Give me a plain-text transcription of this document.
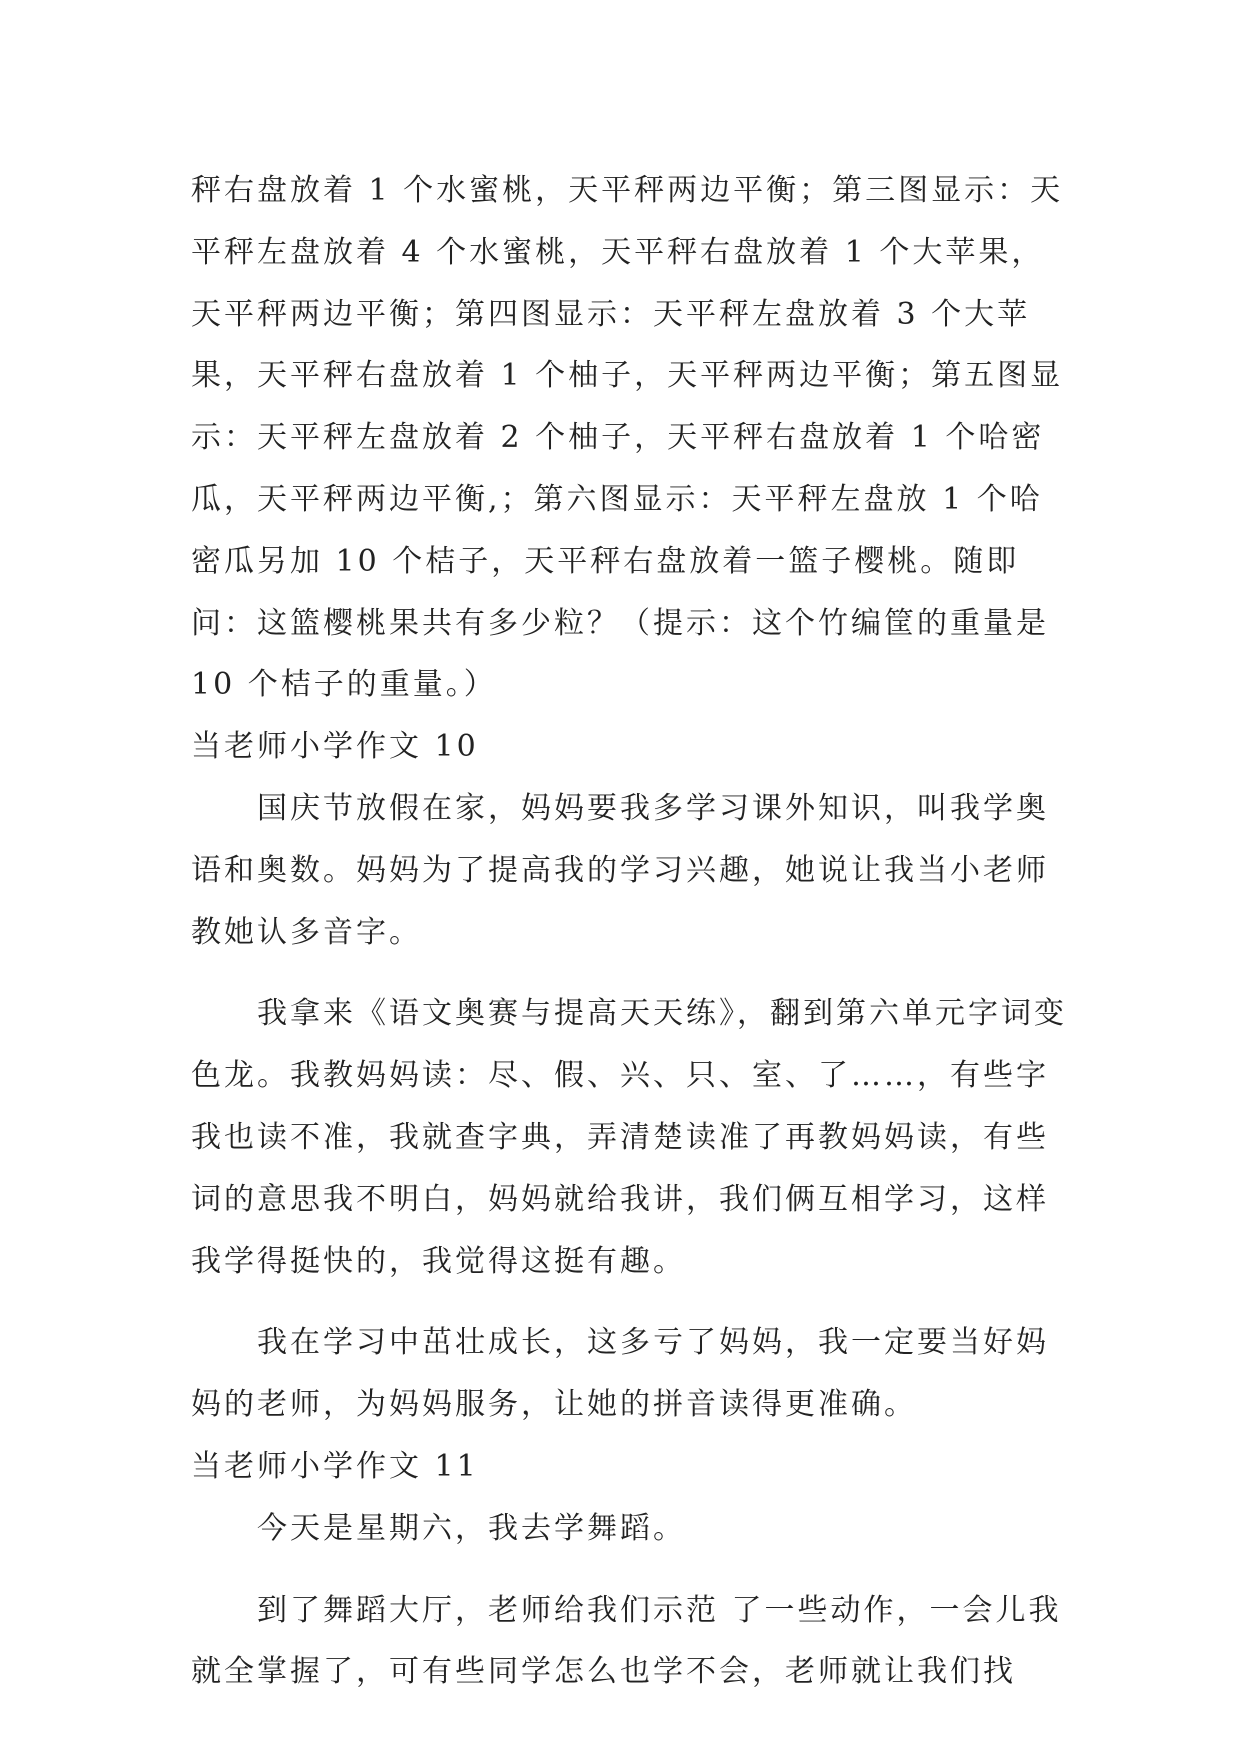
秤右盘放着 1 个水蜜桃，天平秤两边平衡；第三图显示：天平秤左盘放着 4 个水蜜桃，天平秤右盘放着 1 个大苹果，天平秤两边平衡；第四图显示：天平秤左盘放着 3 个大苹果，天平秤右盘放着 1 个柚子，天平秤两边平衡；第五图显示：天平秤左盘放着 2 个柚子，天平秤右盘放着 1 个哈密瓜，天平秤两边平衡,；第六图显示：天平秤左盘放 1 个哈密瓜另加 10 个桔子，天平秤右盘放着一篮子樱桃。随即问：这篮樱桃果共有多少粒？（提示：这个竹编筐的重量是 10 个桔子的重量。）

当老师小学作文 10

国庆节放假在家，妈妈要我多学习课外知识，叫我学奥语和奥数。妈妈为了提高我的学习兴趣，她说让我当小老师教她认多音字。

我拿来《语文奥赛与提高天天练》，翻到第六单元字词变色龙。我教妈妈读：尽、假、兴、只、室、了……，有些字我也读不准，我就查字典，弄清楚读准了再教妈妈读，有些词的意思我不明白，妈妈就给我讲，我们俩互相学习，这样我学得挺快的，我觉得这挺有趣。

我在学习中茁壮成长，这多亏了妈妈，我一定要当好妈妈的老师，为妈妈服务，让她的拼音读得更准确。

当老师小学作文 11

今天是星期六，我去学舞蹈。

到了舞蹈大厅，老师给我们示范 了一些动作，一会儿我就全掌握了，可有些同学怎么也学不会，老师就让我们找
